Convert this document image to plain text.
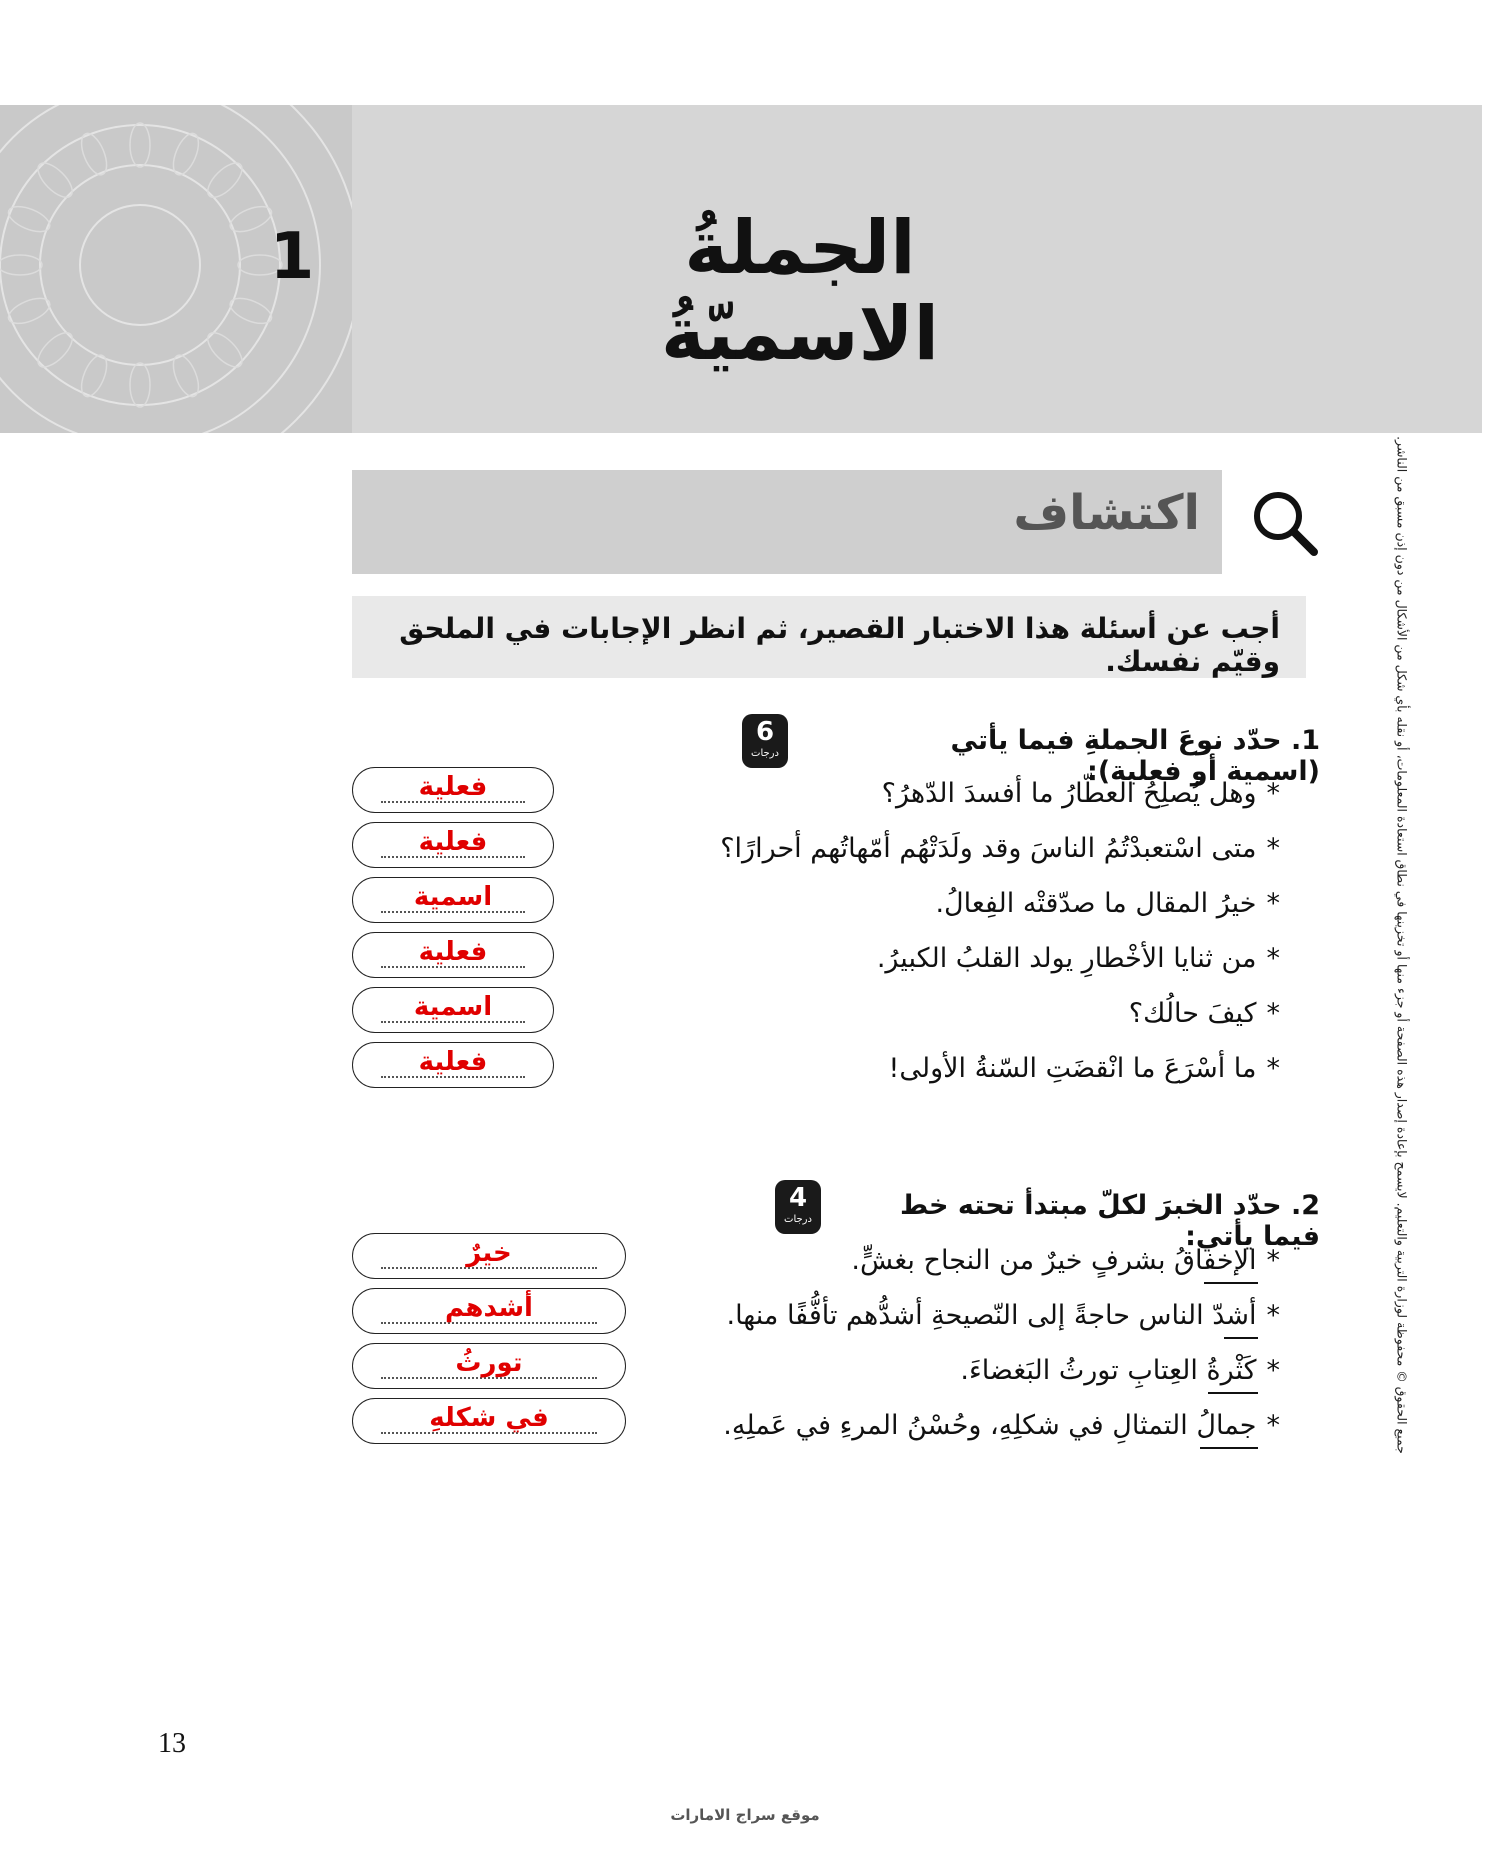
1	الجملةُ الاسميّةُ
اكتشاف
أجب عن أسئلة هذا الاختبار القصير، ثم انظر الإجابات في الملحق وقيّم نفسك.
1. حدّد نوعَ الجملةِ فيما يأتي (اسمية أو فعلية):
6
درجات
*وهل يُصلِحُ العطّارُ ما أفسدَ الدّهرُ؟
*متى اسْتعبدْتُمُ الناسَ وقد ولَدَتْهُم أمّهاتُهم أحرارًا؟
*خيرُ المقال ما صدّقتْه الفِعالُ.
*من ثنايا الأخْطارِ يولد القلبُ الكبيرُ.
*كيفَ حالُك؟
*ما أسْرَعَ ما انْقضَتِ السّنةُ الأولى!
فعلية
فعلية
اسمية
فعلية
اسمية
فعلية
2. حدّد الخبرَ لكلّ مبتدأ تحته خط فيما يأتي:
4
درجات
*الإخفاقُ بشرفٍ خيرٌ من النجاح بغشٍّ.
*أشدّ الناس حاجةً إلى النّصيحةِ أشدُّهم تأفُّفًا منها.
*كَثْرةُ العِتابِ تورثُ البَغضاءَ.
*جمالُ التمثالِ في شكلِهِ، وحُسْنُ المرءِ في عَملِهِ.
خيرٌ
أشدهم
تورثُ
في شكلهِ	جميع الحقوق © محفوظة لوزارة التربية والتعليم. لايسمح بإعادة إصدار هذه الصفحة أو جزء منها أو تخزينها في نطاق استعادة المعلومات، أو نقله بأي شكل من الأشكال من دون إذن مسبق من الناشر.
13
موقع سراج الامارات
